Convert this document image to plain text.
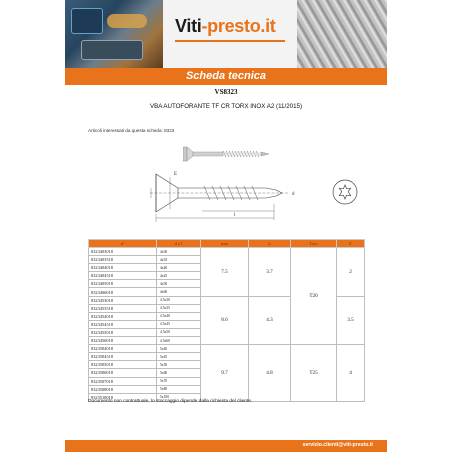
Viti-presto.it
Scheda tecnica
VS8323
VBA AUTOFORANTE TF CR TORX INOX A2 (11/2015)
Articoli interessati da questa scheda: 8323
E
d
l
nº	d x l	mm	k	Torx	E
8323403018	4x30	7.5	3.7	T20	2
8323403518	4x35				
8323404018	4x40				
8323404518	4x45				
8323405018	4x50				
8323406018	4x60				
8323453018	4.5x30	8.6	4.3		3.5
8323453518	4.5x35				
8323454018	4.5x40				
8323454518	4.5x45				
8323455018	4.5x50				
8323456018	4.5x60				
8323504018	5x40	9.7	4.8	T25	4
8323504518	5x45				
8323505018	5x50				
8323506018	5x60				
8323507018	5x70				
8323508018	5x80				
8323510018	5x100				
Documento non contrattuale, lo stoccaggio dipende dalla richiesta del cliente.
servizio.clienti@viti-presto.it
